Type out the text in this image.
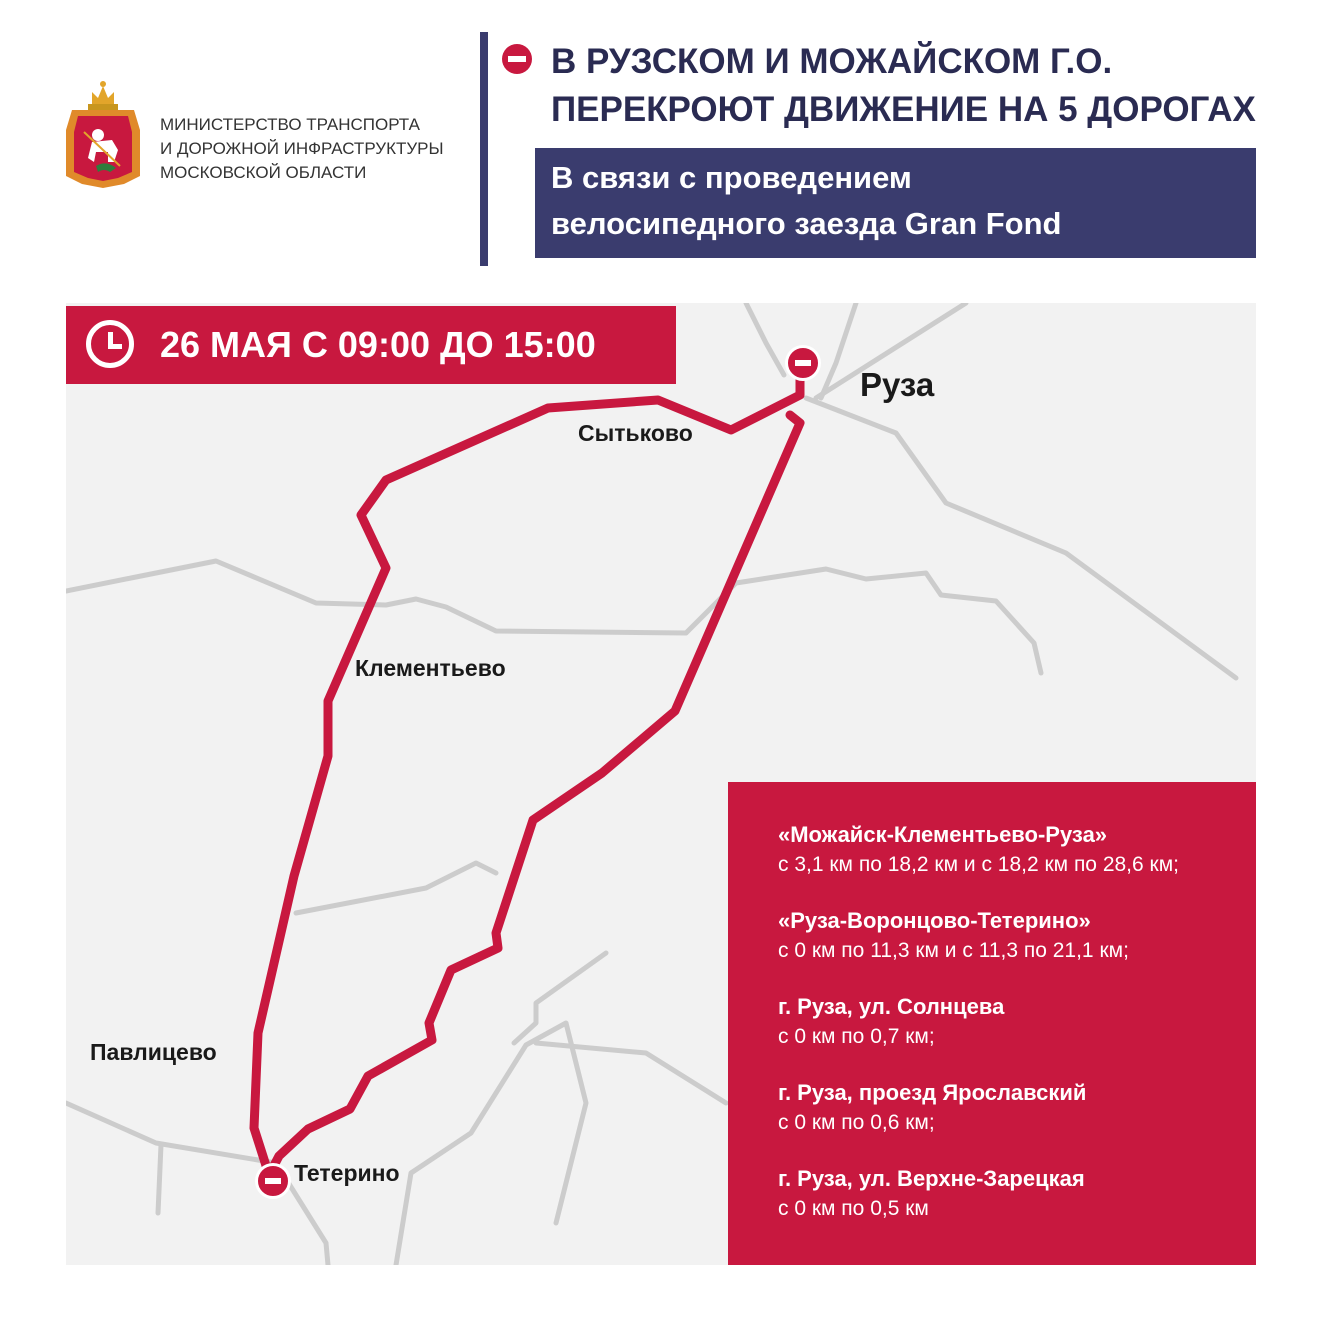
МИНИСТЕРСТВО ТРАНСПОРТА
И ДОРОЖНОЙ ИНФРАСТРУКТУРЫ
МОСКОВСКОЙ ОБЛАСТИ
В РУЗСКОМ И МОЖАЙСКОМ Г.О.
ПЕРЕКРОЮТ ДВИЖЕНИЕ НА 5 ДОРОГАХ
В связи с проведением
велосипедного заезда Gran Fond
26 МАЯ С 09:00 ДО 15:00
Руза
Сытьково
Клементьево
Павлицево
Тетерино
«Можайск-Клементьево-Руза»
с 3,1 км по 18,2 км и с 18,2 км по 28,6 км;
«Руза-Воронцово-Тетерино»
с 0 км по 11,3 км и с 11,3 по 21,1 км;
г. Руза, ул. Солнцева
с 0 км по 0,7 км;
г. Руза, проезд Ярославский
с 0 км по 0,6 км;
г. Руза, ул. Верхне-Зарецкая
с 0 км по 0,5 км
